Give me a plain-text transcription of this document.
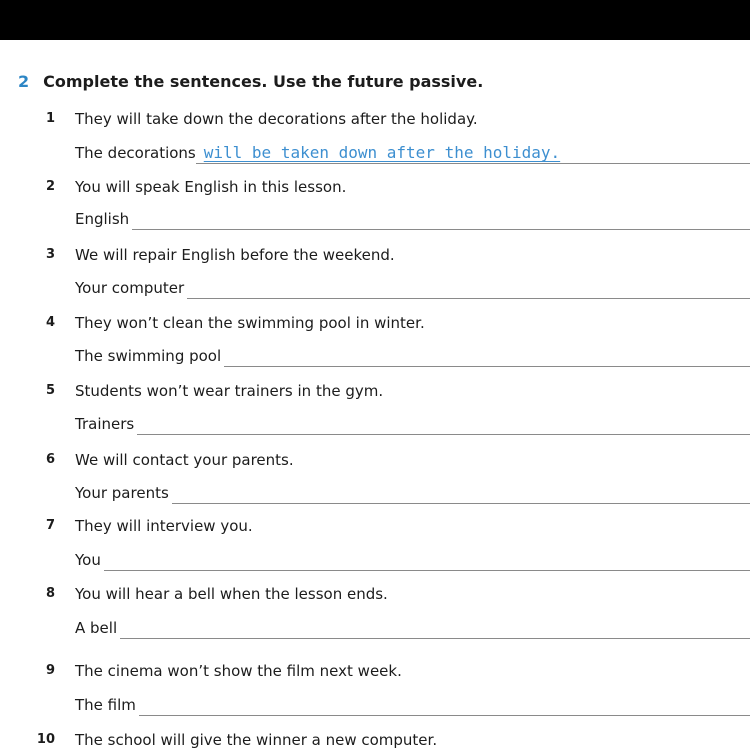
2 Complete the sentences. Use the future passive.
1 They will take down the decorations after the holiday.
The decorations will be taken down after the holiday.
2 You will speak English in this lesson.
English
3 We will repair English before the weekend.
Your computer
4 They won’t clean the swimming pool in winter.
The swimming pool
5 Students won’t wear trainers in the gym.
Trainers
6 We will contact your parents.
Your parents
7 They will interview you.
You
8 You will hear a bell when the lesson ends.
A bell
9 The cinema won’t show the film next week.
The film
10 The school will give the winner a new computer.
